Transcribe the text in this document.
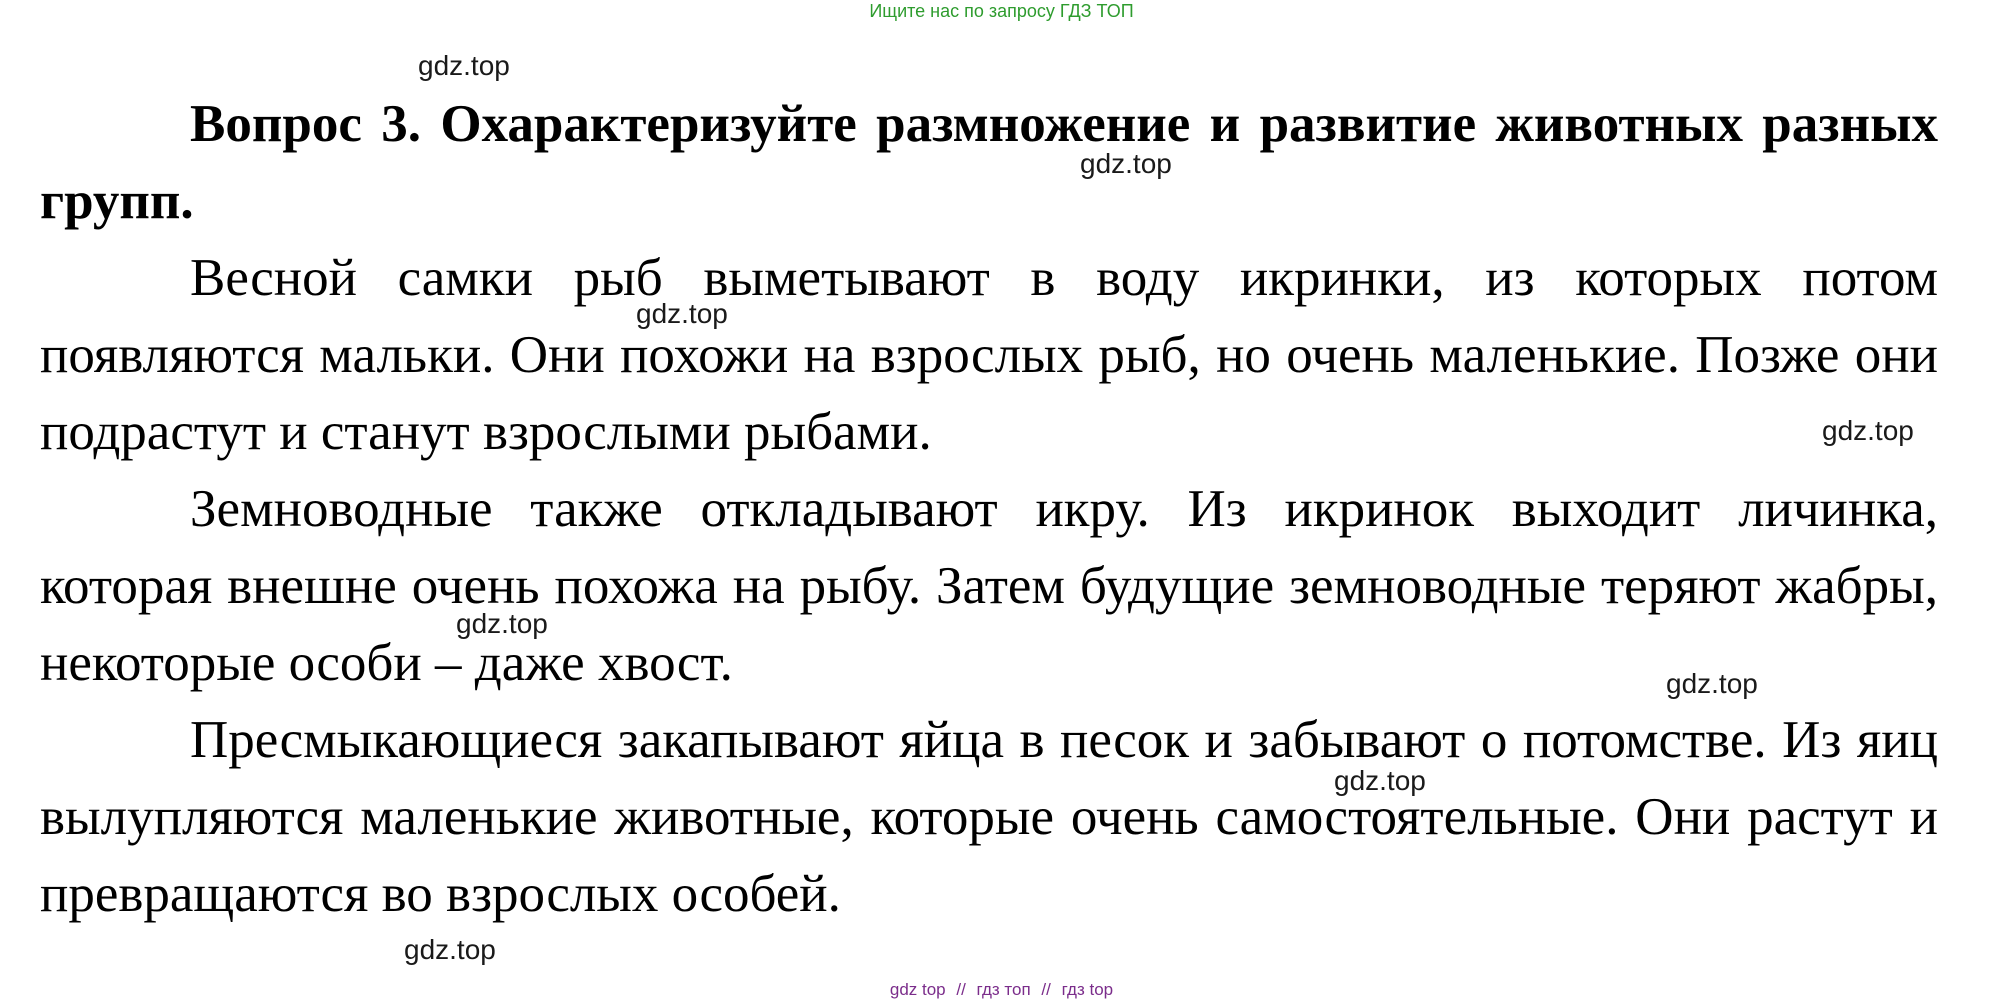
Ищите нас по запросу ГДЗ ТОП

Вопрос 3. Охарактеризуйте размножение и развитие животных разных групп.

Весной самки рыб выметывают в воду икринки, из которых потом появляются мальки. Они похожи на взрослых рыб, но очень маленькие. Позже они подрастут и станут взрослыми рыбами.

Земноводные также откладывают икру. Из икринок выходит личинка, которая внешне очень похожа на рыбу. Затем будущие земноводные теряют жабры, некоторые особи – даже хвост.

Пресмыкающиеся закапывают яйца в песок и забывают о потомстве. Из яиц вылупляются маленькие животные, которые очень самостоятельные. Они растут и превращаются во взрослых особей.

gdz.top
gdz.top
gdz.top
gdz.top
gdz.top
gdz.top
gdz.top
gdz.top
gdz top // гдз топ // гдз top
